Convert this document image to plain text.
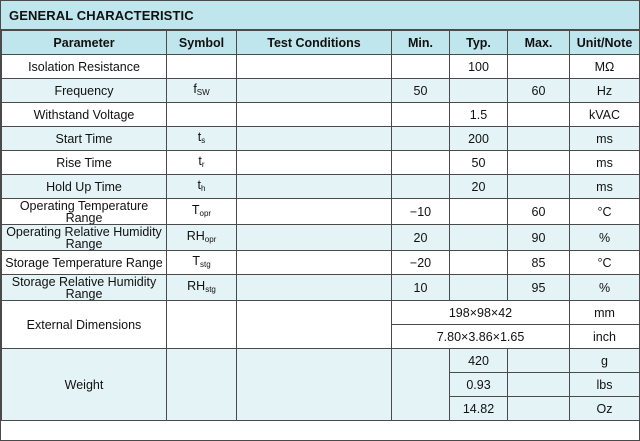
GENERAL CHARACTERISTIC
Parameter	Symbol	Test Conditions	Min.	Typ.	Max.	Unit/Note
Isolation Resistance				100		MΩ
Frequency	$f_{SW}$		50		60	Hz
Withstand Voltage				1.5		kVAC
Start Time	$t_s$			200		ms
Rise Time	$t_r$			50		ms
Hold Up Time	$t_h$			20		ms
Operating Temperature Range	$T_{opr}$		−10		60	°C
Operating Relative Humidity Range	$RH_{opr}$		20		90	%
Storage Temperature Range	$T_{stg}$		−20		85	°C
Storage Relative Humidity Range	$RH_{stg}$		10		95	%
External Dimensions			198×98×42			mm
			7.80×3.86×1.65			inch
Weight				420		g
				0.93		lbs
				14.82		Oz
